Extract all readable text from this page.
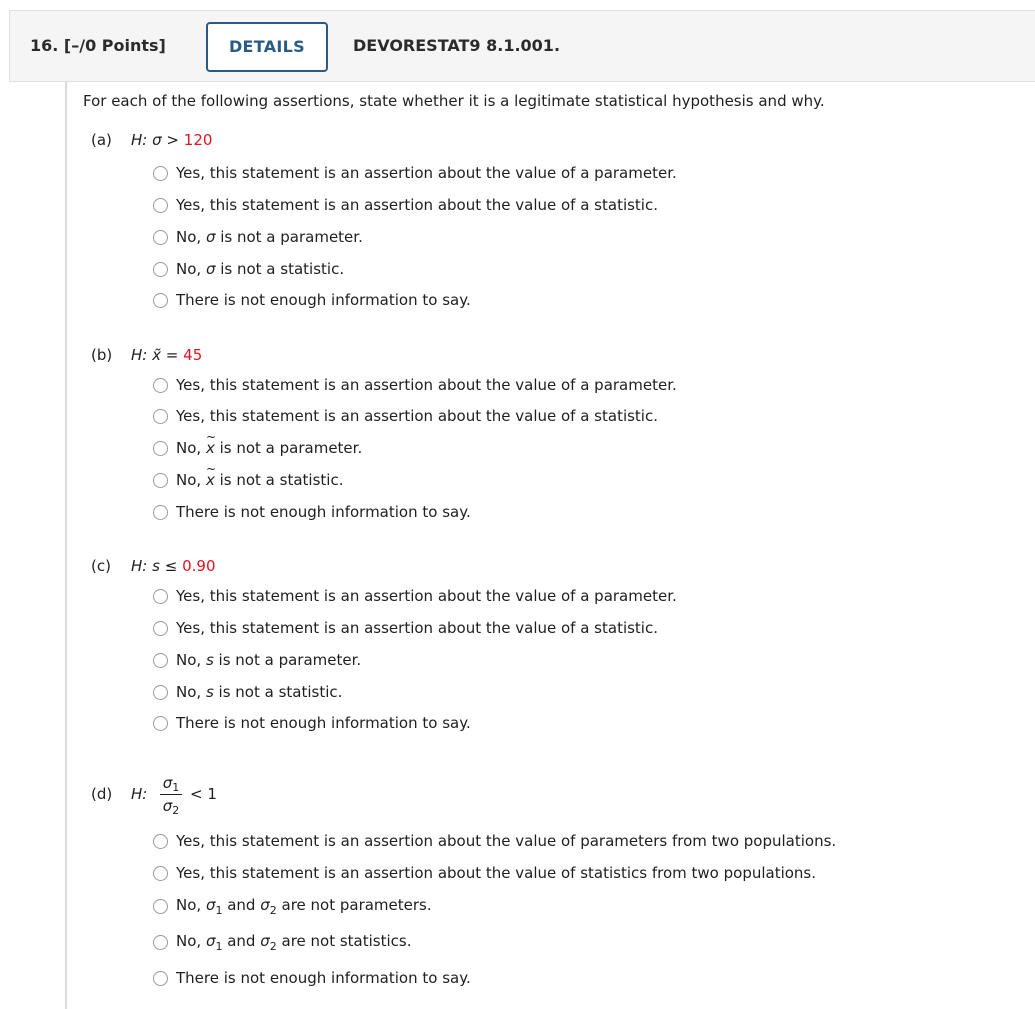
16. [–/0 Points]	DETAILS	DEVORESTAT9 8.1.001.
For each of the following assertions, state whether it is a legitimate statistical hypothesis and why.
(a) H: σ > 120
Yes, this statement is an assertion about the value of a parameter.
Yes, this statement is an assertion about the value of a statistic.
No, σ is not a parameter.
No, σ is not a statistic.
There is not enough information to say.
(b) H: x̃ = 45
Yes, this statement is an assertion about the value of a parameter.
Yes, this statement is an assertion about the value of a statistic.
No, ~ x is not a parameter.
No, ~ x is not a statistic.
There is not enough information to say.
(c) H: s ≤ 0.90
Yes, this statement is an assertion about the value of a parameter.
Yes, this statement is an assertion about the value of a statistic.
No, s is not a parameter.
No, s is not a statistic.
There is not enough information to say.
(d) H:
$\sigma_1$
$\sigma_2$
< 1
Yes, this statement is an assertion about the value of parameters from two populations.
Yes, this statement is an assertion about the value of statistics from two populations.
No, $\sigma_1$ and $\sigma_2$ are not parameters.
No, $\sigma_1$ and $\sigma_2$ are not statistics.
There is not enough information to say.
